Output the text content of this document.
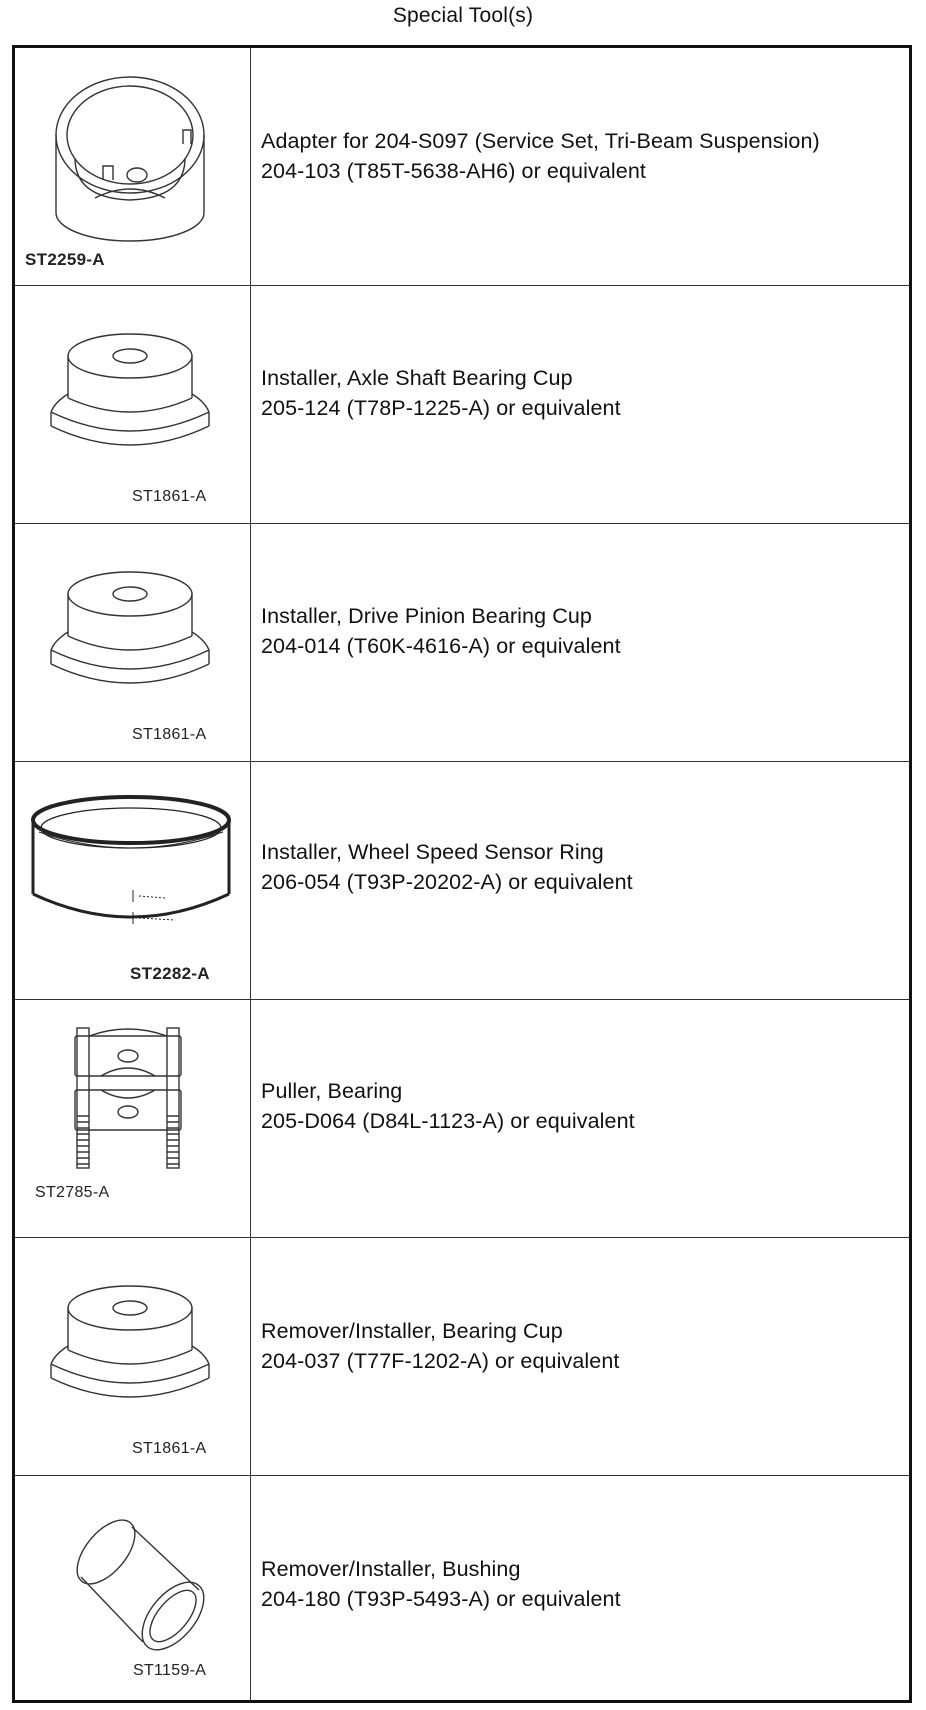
Special Tool(s)
ST2259-A
Adapter for 204-S097 (Service Set, Tri-Beam Suspension)
204-103 (T85T-5638-AH6) or equivalent
ST1861-A
Installer, Axle Shaft Bearing Cup
205-124 (T78P-1225-A) or equivalent
ST1861-A
Installer, Drive Pinion Bearing Cup
204-014 (T60K-4616-A) or equivalent
ST2282-A
Installer, Wheel Speed Sensor Ring
206-054 (T93P-20202-A) or equivalent
ST2785-A
Puller, Bearing
205-D064 (D84L-1123-A) or equivalent
ST1861-A
Remover/Installer, Bearing Cup
204-037 (T77F-1202-A) or equivalent
ST1159-A
Remover/Installer, Bushing
204-180 (T93P-5493-A) or equivalent
